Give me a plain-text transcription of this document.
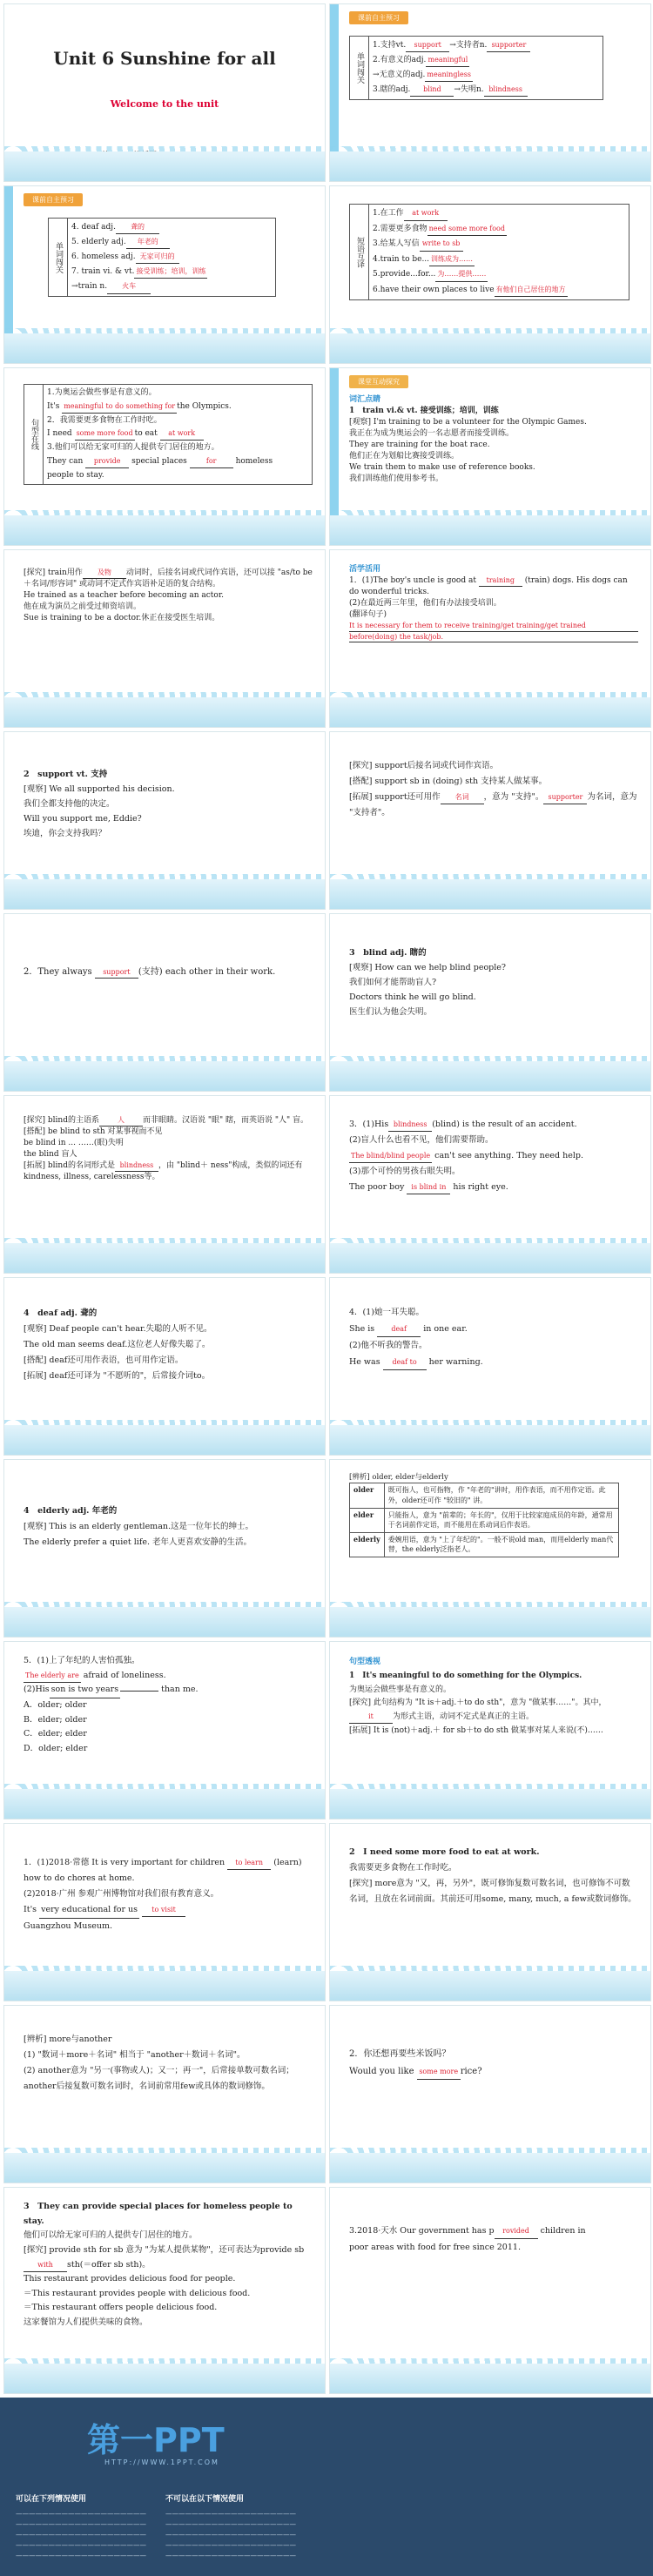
Unit 6 Sunshine for all
Welcome to the unit
课前自主预习
单词闯关	
1.支持vt. support →支持者n. supporter
2.有意义的adj. meaningful
→无意义的adj. meaningless
3.瞎的adj. blind →失明n. blindness
课前自主预习
单词闯关	
4. deaf adj. 聋的
5. elderly adj. 年老的
6. homeless adj. 无家可归的
7. train vi. & vt. 接受训练；培训，训练
→train n. 火车
短语互译	
1.在工作 at work
2.需要更多食物 need some more food
3.给某人写信 write to sb
4.train to be... 训练成为……
5.provide...for... 为……提供……
6.have their own places to live 有他们自己居住的地方
句型在线	
1.为奥运会做些事是有意义的。
It's meaningful to do something for the Olympics.
2．我需要更多食物在工作时吃。
I need some more food to eat at work
3.他们可以给无家可归的人提供专门居住的地方。
They can provide special places	for homeless
people to stay.
课堂互动探究
词汇点睛
1　train vi.& vt. 接受训练；培训，训练
[观察] I'm training to be a volunteer for the Olympic Games.
我正在为成为奥运会的一名志愿者而接受训练。
They are training for the boat race.
他们正在为划船比赛接受训练。
We train them to make use of reference books.
我们训练他们使用参考书。
[探究] train用作 及物 动词时，后接名词或代词作宾语，还可以接 "as/to be＋名词/形容词" 或动词不定式作宾语补足语的复合结构。
He trained as a teacher before becoming an actor.
他在成为演员之前受过师资培训。
Sue is training to be a doctor.休正在接受医生培训。
活学活用
1．(1)The boy's uncle is good at training (train) dogs. His dogs can do wonderful tricks.
(2)在最近两三年里，他们有办法接受培训。
(翻译句子)
It is necessary for them to receive training/get training/get trained
before(doing) the task/job.
2　support vt. 支持
[观察] We all supported his decision.
我们全都支持他的决定。
Will you support me, Eddie?
埃迪，你会支持我吗？
[探究] support后接名词或代词作宾语。
[搭配] support sb in (doing) sth 支持某人做某事。
[拓展] support还可用作 名词 ，意为 "支持"。 supporter 为名词，意为 "支持者"。
2．They always support (支持) each other in their work.
3　blind adj. 瞎的
[观察] How can we help blind people?
我们如何才能帮助盲人?
Doctors think he will go blind.
医生们认为他会失明。
[探究] blind的主语系	人 而非眼睛。汉语说 "眼" 瞎，而英语说 "人" 盲。
[搭配] be blind to sth 对某事视而不见
be blind in ... ……(眼)失明
the blind 盲人
[拓展] blind的名词形式是 blindness ，由 "blind＋ ness"构成，类似的词还有kindness, illness, carelessness等。
3．(1)His blindness (blind) is the result of an accident.
(2)盲人什么也看不见，他们需要帮助。
The blind/blind people can't see anything. They need help.
(3)那个可怜的男孩右眼失明。
The poor boy is blind in his right eye.
4　deaf adj. 聋的
[观察] Deaf people can't hear.失聪的人听不见。
The old man seems deaf.这位老人好像失聪了。
[搭配] deaf还可用作表语，也可用作定语。
[拓展] deaf还可译为 "不愿听的"，后常接介词to。
4．(1)她一耳失聪。
She is deaf in one ear.
(2)他不听我的警告。
He was deaf to her warning.
4　elderly adj. 年老的
[观察] This is an elderly gentleman.这是一位年长的绅士。
The elderly prefer a quiet life. 老年人更喜欢安静的生活。
[辨析] older, elder与elderly
older	既可指人，也可指物，作 "年老的"讲时，用作表语，而不用作定语。此外，older还可作 "较旧的" 讲。
elder	只能指人，意为 "前辈的；年长的"，仅用于比较家庭成员的年龄，通常用于名词前作定语，而不能用在系动词后作表语。
elderly	委婉用语，意为 "上了年纪的"。一般不说old man，而用elderly man代替，the elderly泛指老人。
5．(1)上了年纪的人害怕孤独。
The elderly are afraid of loneliness.
(2)His son is two years	than me.
A．older; older
B．elder; older
C．elder; elder
D．older; elder
句型透视
1　It's meaningful to do something for the Olympics.
为奥运会做些事是有意义的。
[探究] 此句结构为 "It is＋adj.＋to do sth"，意为 "做某事……"。其中，it 为形式主语，动词不定式是真正的主语。
[拓展] It is (not)＋adj.＋ for sb＋to do sth 做某事对某人来说(不)……
1．(1)2018·常德 It is very important for children to learn (learn) how to do chores at home.
(2)2018·广州 参观广州博物馆对我们很有教育意义。
It's very educational for us to visit
Guangzhou Museum.
2　I need some more food to eat at work.
我需要更多食物在工作时吃。
[探究] more意为 "又，再，另外"，既可修饰复数可数名词，也可修饰不可数名词，且放在名词前面。其前还可用some, many, much, a few或数词修饰。
[辨析] more与another
(1) "数词＋more＋名词" 相当于 "another＋数词＋名词"。
(2) another意为 "另一(事物或人)；又一；再一"，后常接单数可数名词；another后接复数可数名词时，名词前常用few或具体的数词修饰。
2．你还想再要些米饭吗？
Would you like some more rice?
3　They can provide special places for homeless people to stay.
他们可以给无家可归的人提供专门居住的地方。
[探究] provide sth for sb 意为 "为某人提供某物"，还可表达为provide sbwith sth(＝offer sb sth)。
This restaurant provides delicious food for people.
＝This restaurant provides people with delicious food.
＝This restaurant offers people delicious food.
这家餐馆为人们提供美味的食物。
3.2018·天水 Our government has p rovided children in
poor areas with food for free since 2011.
第一PPT
HTTP://WWW.1PPT.COM
可以在下列情况使用
————————————————————
————————————————————
————————————————————
————————————————————
————————————————————
不可以在以下情况使用
————————————————————
————————————————————
————————————————————
————————————————————
————————————————————
